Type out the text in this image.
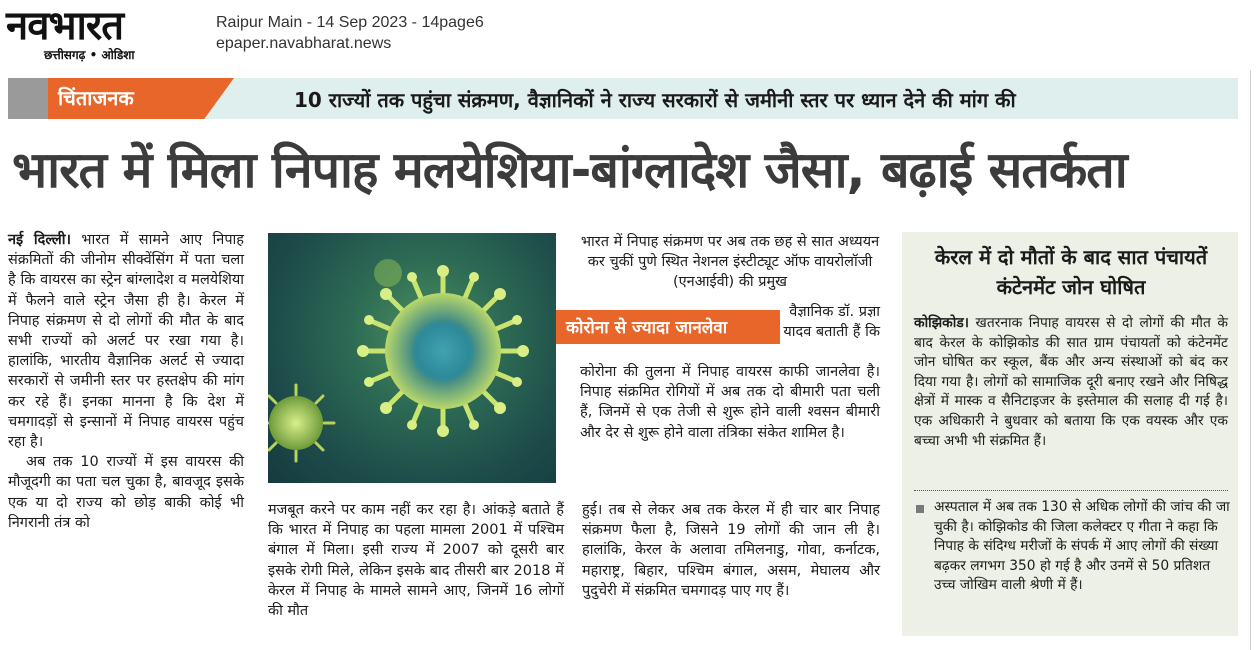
नवभारत
छत्तीसगढ़ • ओडिशा
Raipur Main - 14 Sep 2023 - 14page6
epaper.navabharat.news
चिंताजनक	10 राज्यों तक पहुंचा संक्रमण, वैज्ञानिकों ने राज्य सरकारों से जमीनी स्तर पर ध्यान देने की मांग की
भारत में मिला निपाह मलयेशिया-बांग्लादेश जैसा, बढ़ाई सतर्कता

नई दिल्ली। भारत में सामने आए निपाह संक्रमितों की जीनोम सीक्वेंसिंग में पता चला है कि वायरस का स्ट्रेन बांग्लादेश व मलयेशिया में फैलने वाले स्ट्रेन जैसा ही है। केरल में निपाह संक्रमण से दो लोगों की मौत के बाद सभी राज्यों को अलर्ट पर रखा गया है। हालांकि, भारतीय वैज्ञानिक अलर्ट से ज्यादा सरकारों से जमीनी स्तर पर हस्तक्षेप की मांग कर रहे हैं। इनका मानना है कि देश में चमगादड़ों से इन्सानों में निपाह वायरस पहुंच रहा है।

अब तक 10 राज्यों में इस वायरस की मौजूदगी का पता चल चुका है, बावजूद इसके एक या दो राज्य को छोड़ बाकी कोई भी निगरानी तंत्र को

भारत में निपाह संक्रमण पर अब तक छह से सात अध्ययन कर चुकीं पुणे स्थित नेशनल इंस्टीट्यूट ऑफ वायरोलॉजी (एनआईवी) की प्रमुख
वैज्ञानिक डॉ. प्रज्ञा यादव बताती हैं कि
कोरोना से ज्यादा जानलेवा
कोरोना की तुलना में निपाह वायरस काफी जानलेवा है। निपाह संक्रमित रोगियों में अब तक दो बीमारी पता चली हैं, जिनमें से एक तेजी से शुरू होने वाली श्वसन बीमारी और देर से शुरू होने वाला तंत्रिका संकेत शामिल है।
मजबूत करने पर काम नहीं कर रहा है। आंकड़े बताते हैं कि भारत में निपाह का पहला मामला 2001 में पश्चिम बंगाल में मिला। इसी राज्य में 2007 को दूसरी बार इसके रोगी मिले, लेकिन इसके बाद तीसरी बार 2018 में केरल में निपाह के मामले सामने आए, जिनमें 16 लोगों की मौत
हुई। तब से लेकर अब तक केरल में ही चार बार निपाह संक्रमण फैला है, जिसने 19 लोगों की जान ली है। हालांकि, केरल के अलावा तमिलनाडु, गोवा, कर्नाटक, महाराष्ट्र, बिहार, पश्चिम बंगाल, असम, मेघालय और पुदुचेरी में संक्रमित चमगादड़ पाए गए हैं।
केरल में दो मौतों के बाद सात पंचायतें कंटेनमेंट जोन घोषित
कोझिकोड। खतरनाक निपाह वायरस से दो लोगों की मौत के बाद केरल के कोझिकोड की सात ग्राम पंचायतों को कंटेनमेंट जोन घोषित कर स्कूल, बैंक और अन्य संस्थाओं को बंद कर दिया गया है। लोगों को सामाजिक दूरी बनाए रखने और निषिद्ध क्षेत्रों में मास्क व सैनिटाइजर के इस्तेमाल की सलाह दी गई है। एक अधिकारी ने बुधवार को बताया कि एक वयस्क और एक बच्चा अभी भी संक्रमित हैं।
अस्पताल में अब तक 130 से अधिक लोगों की जांच की जा चुकी है। कोझिकोड की जिला कलेक्टर ए गीता ने कहा कि निपाह के संदिग्ध मरीजों के संपर्क में आए लोगों की संख्या बढ़कर लगभग 350 हो गई है और उनमें से 50 प्रतिशत उच्च जोखिम वाली श्रेणी में हैं।
